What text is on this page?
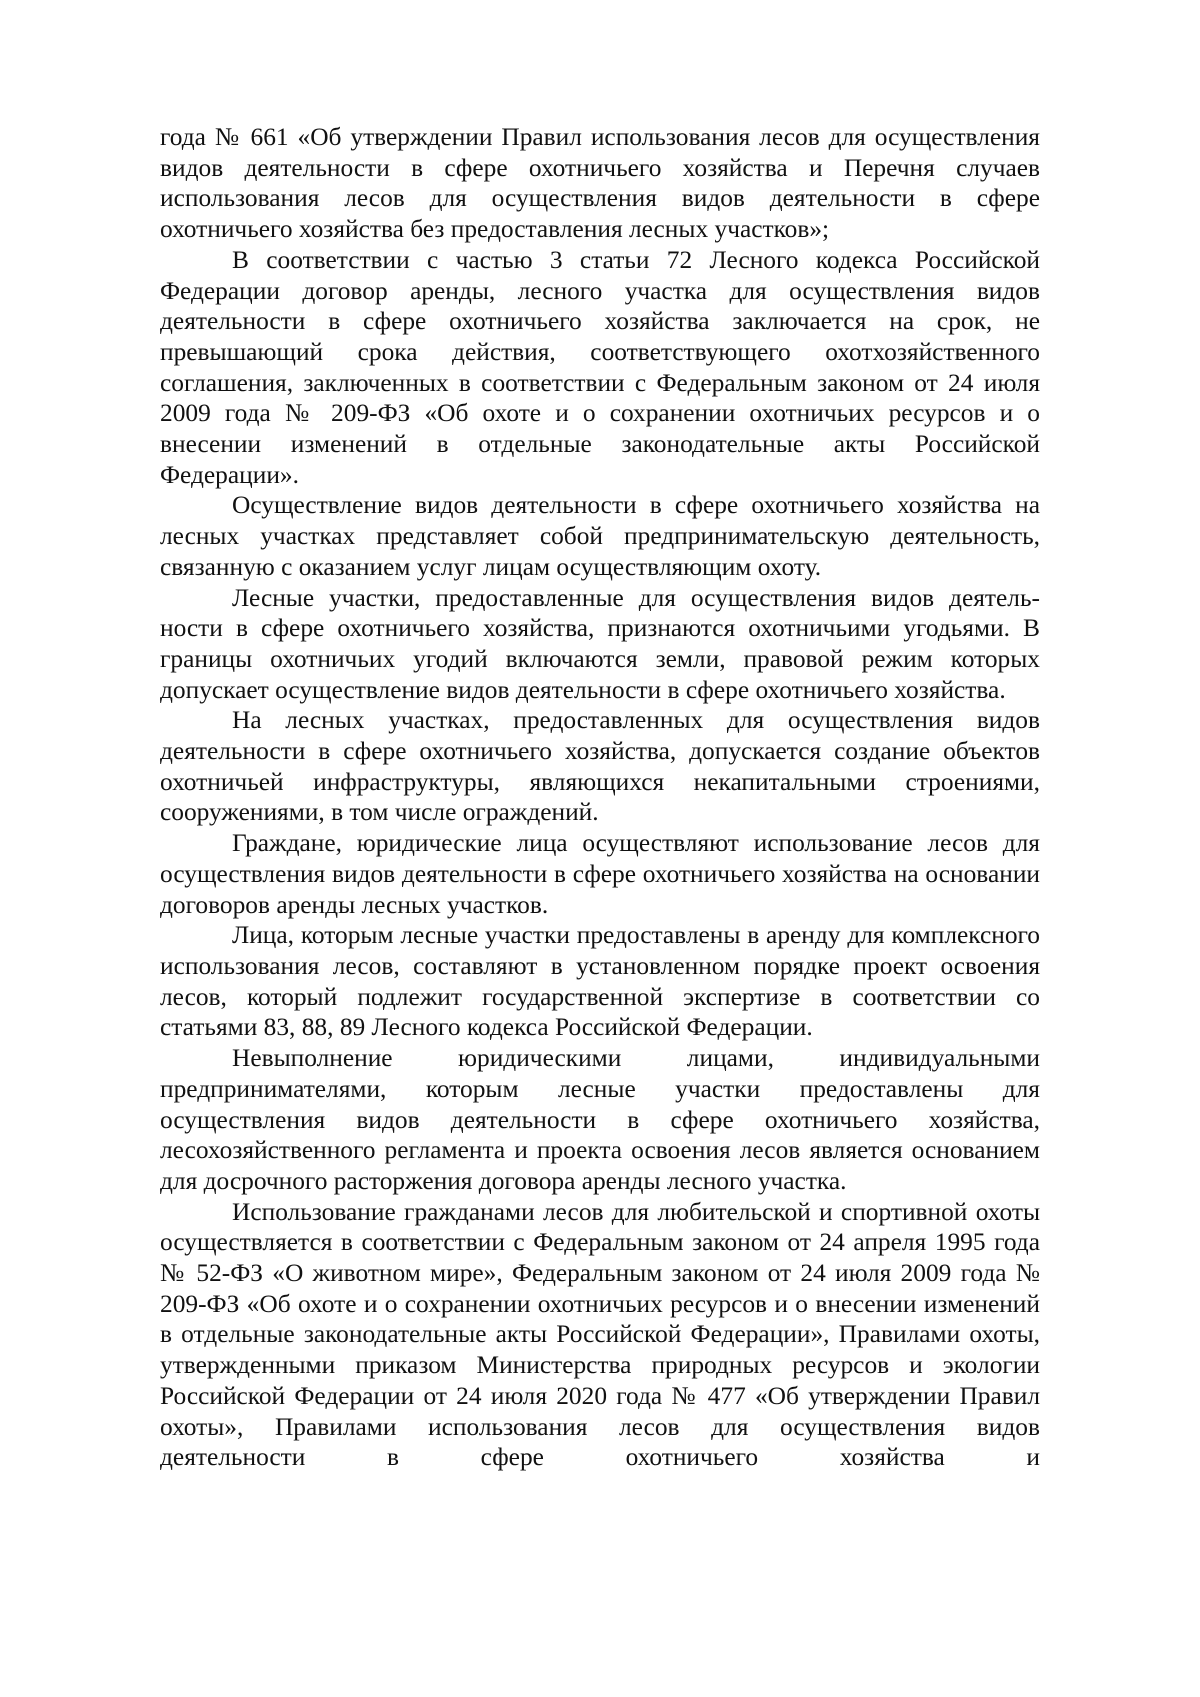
года № 661 «Об утверждении Правил использования лесов для осуществления видов деятельности в сфере охотничьего хозяйства и Перечня случаев использования лесов для осуществления видов деятельности в сфере охотничьего хозяйства без предоставления лесных участков»;

В соответствии с частью 3 статьи 72 Лесного кодекса Российской Федерации договор аренды, лесного участка для осуществления видов деятельности в сфере охотничьего хозяйства заключается на срок, не превышающий срока действия, соответствующего охотхозяйственного соглашения, заключенных в соответствии с Федеральным законом от 24 июля 2009 года № 209-ФЗ «Об охоте и о сохранении охотничьих ресурсов и о внесении изменений в отдельные законодательные акты Российской Федерации».

Осуществление видов деятельности в сфере охотничьего хозяйства на лесных участках представляет собой предпринимательскую деятельность, связанную с оказанием услуг лицам осуществляющим охоту.

Лесные участки, предоставленные для осуществления видов деятельности в сфере охотничьего хозяйства, признаются охотничьими угодьями. В границы охотничьих угодий включаются земли, правовой режим которых допускает осуществление видов деятельности в сфере охотничьего хозяйства.

На лесных участках, предоставленных для осуществления видов деятельности в сфере охотничьего хозяйства, допускается создание объектов охотничьей инфраструктуры, являющихся некапитальными строениями, сооружениями, в том числе ограждений.

Граждане, юридические лица осуществляют использование лесов для осуществления видов деятельности в сфере охотничьего хозяйства на основании договоров аренды лесных участков.

Лица, которым лесные участки предоставлены в аренду для комплексного использования лесов, составляют в установленном порядке проект освоения лесов, который подлежит государственной экспертизе в соответствии со статьями 83, 88, 89 Лесного кодекса Российской Федерации.

Невыполнение юридическими лицами, индивидуальными предпринимателями, которым лесные участки предоставлены для осуществления видов деятельности в сфере охотничьего хозяйства, лесохозяйственного регламента и проекта освоения лесов является основанием для досрочного расторжения договора аренды лесного участка.

Использование гражданами лесов для любительской и спортивной охоты осуществляется в соответствии с Федеральным законом от 24 апреля 1995 года № 52-ФЗ «О животном мире», Федеральным законом от 24 июля 2009 года № 209-ФЗ «Об охоте и о сохранении охотничьих ресурсов и о внесении изменений в отдельные законодательные акты Российской Федерации», Правилами охоты, утвержденными приказом Министерства природных ресурсов и экологии Российской Федерации от 24 июля 2020 года № 477 «Об утверждении Правил охоты», Правилами использования лесов для осуществления видов деятельности в сфере охотничьего хозяйства и
